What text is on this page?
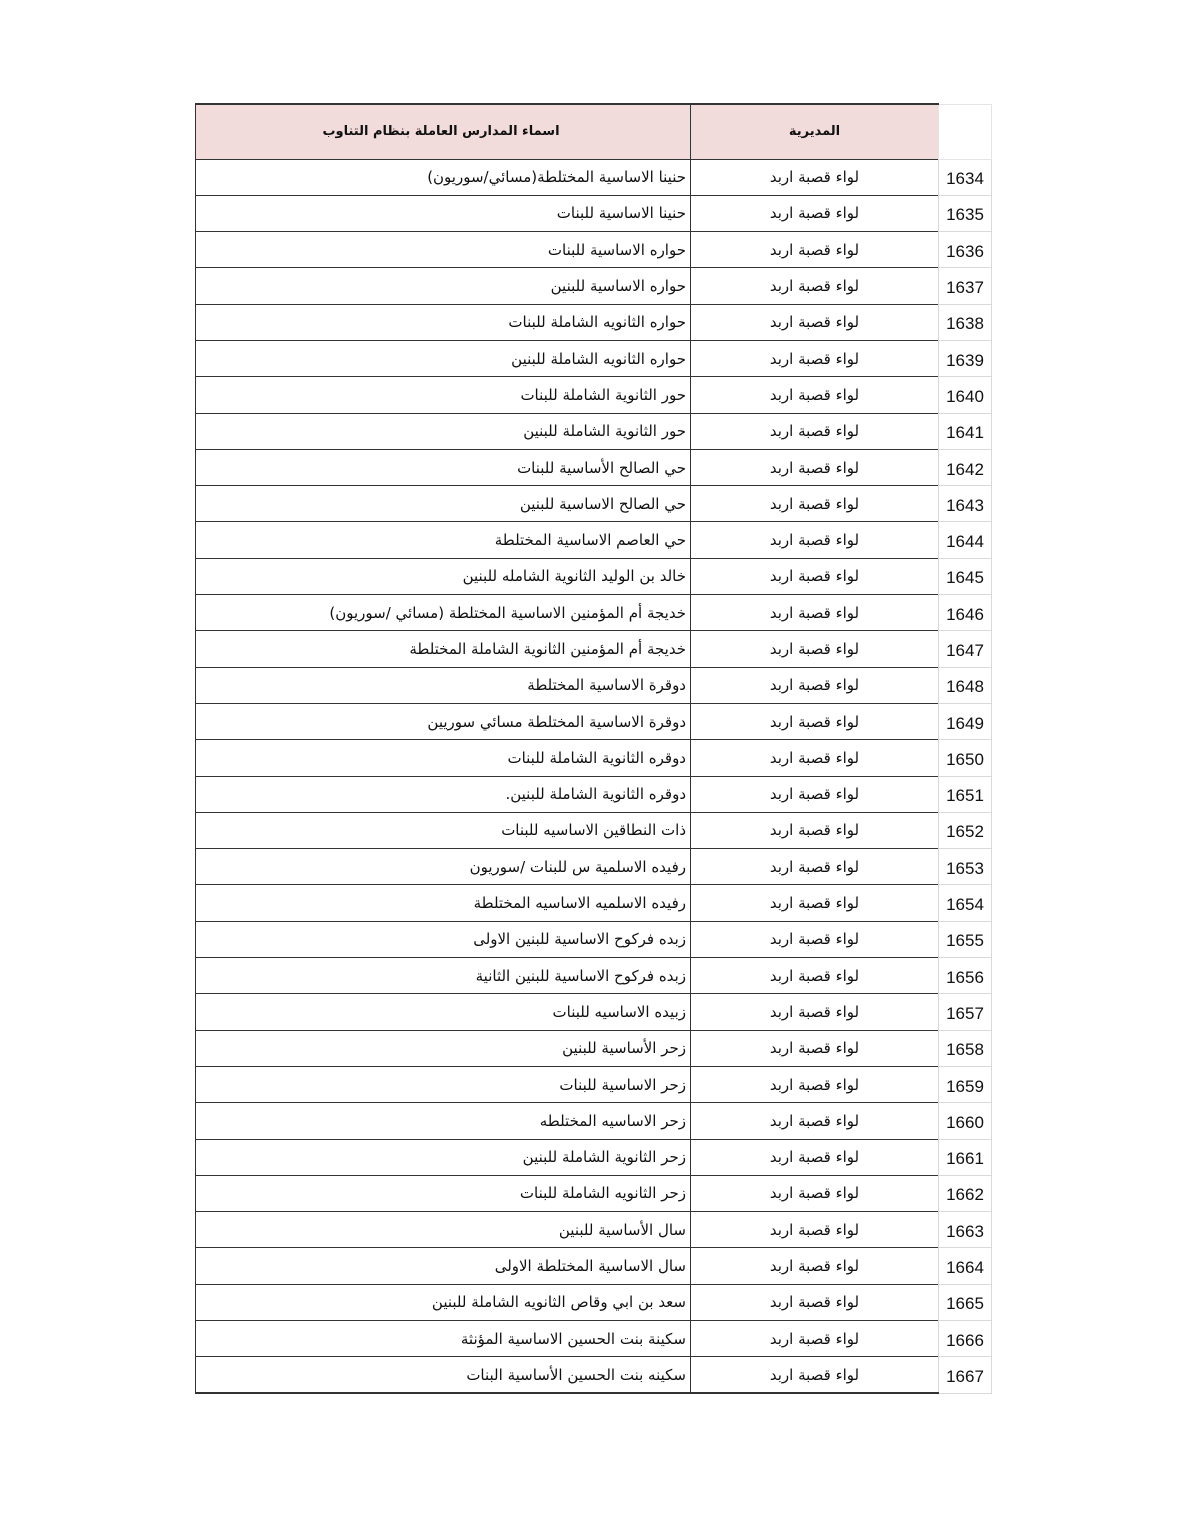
	المديرية	اسماء المدارس العاملة بنظام التناوب
1634	لواء قصبة اربد	حنينا الاساسية المختلطة(مسائي/سوريون)
1635	لواء قصبة اربد	حنينا الاساسية للبنات
1636	لواء قصبة اربد	حواره الاساسية للبنات
1637	لواء قصبة اربد	حواره الاساسية للبنين
1638	لواء قصبة اربد	حواره الثانويه الشاملة للبنات
1639	لواء قصبة اربد	حواره الثانويه الشاملة للبنين
1640	لواء قصبة اربد	حور الثانوية الشاملة للبنات
1641	لواء قصبة اربد	حور الثانوية الشاملة للبنين
1642	لواء قصبة اربد	حي الصالح الأساسية للبنات
1643	لواء قصبة اربد	حي الصالح الاساسية للبنين
1644	لواء قصبة اربد	حي العاصم الاساسية المختلطة
1645	لواء قصبة اربد	خالد بن الوليد الثانوية الشامله للبنين
1646	لواء قصبة اربد	خديجة أم المؤمنين الاساسية المختلطة (مسائي /سوريون)
1647	لواء قصبة اربد	خديجة أم المؤمنين الثانوية الشاملة المختلطة
1648	لواء قصبة اربد	دوقرة الاساسية المختلطة
1649	لواء قصبة اربد	دوقرة الاساسية المختلطة مسائي سوريين
1650	لواء قصبة اربد	دوقره الثانوية الشاملة للبنات
1651	لواء قصبة اربد	دوقره الثانوية الشاملة للبنين.
1652	لواء قصبة اربد	ذات النطاقين الاساسيه للبنات
1653	لواء قصبة اربد	رفيده الاسلمية س للبنات /سوريون
1654	لواء قصبة اربد	رفيده الاسلميه الاساسيه المختلطة
1655	لواء قصبة اربد	زبده فركوح الاساسية للبنين الاولى
1656	لواء قصبة اربد	زبده فركوح الاساسية للبنين الثانية
1657	لواء قصبة اربد	زبيده الاساسيه للبنات
1658	لواء قصبة اربد	زحر الأساسية للبنين
1659	لواء قصبة اربد	زحر الاساسية للبنات
1660	لواء قصبة اربد	زحر الاساسيه المختلطه
1661	لواء قصبة اربد	زحر الثانوية الشاملة للبنين
1662	لواء قصبة اربد	زحر الثانويه الشاملة للبنات
1663	لواء قصبة اربد	سال الأساسية للبنين
1664	لواء قصبة اربد	سال الاساسية المختلطة الاولى
1665	لواء قصبة اربد	سعد بن ابي وقاص الثانويه الشاملة للبنين
1666	لواء قصبة اربد	سكينة بنت الحسين الاساسية المؤنثة
1667	لواء قصبة اربد	سكينه بنت الحسين الأساسية البنات
